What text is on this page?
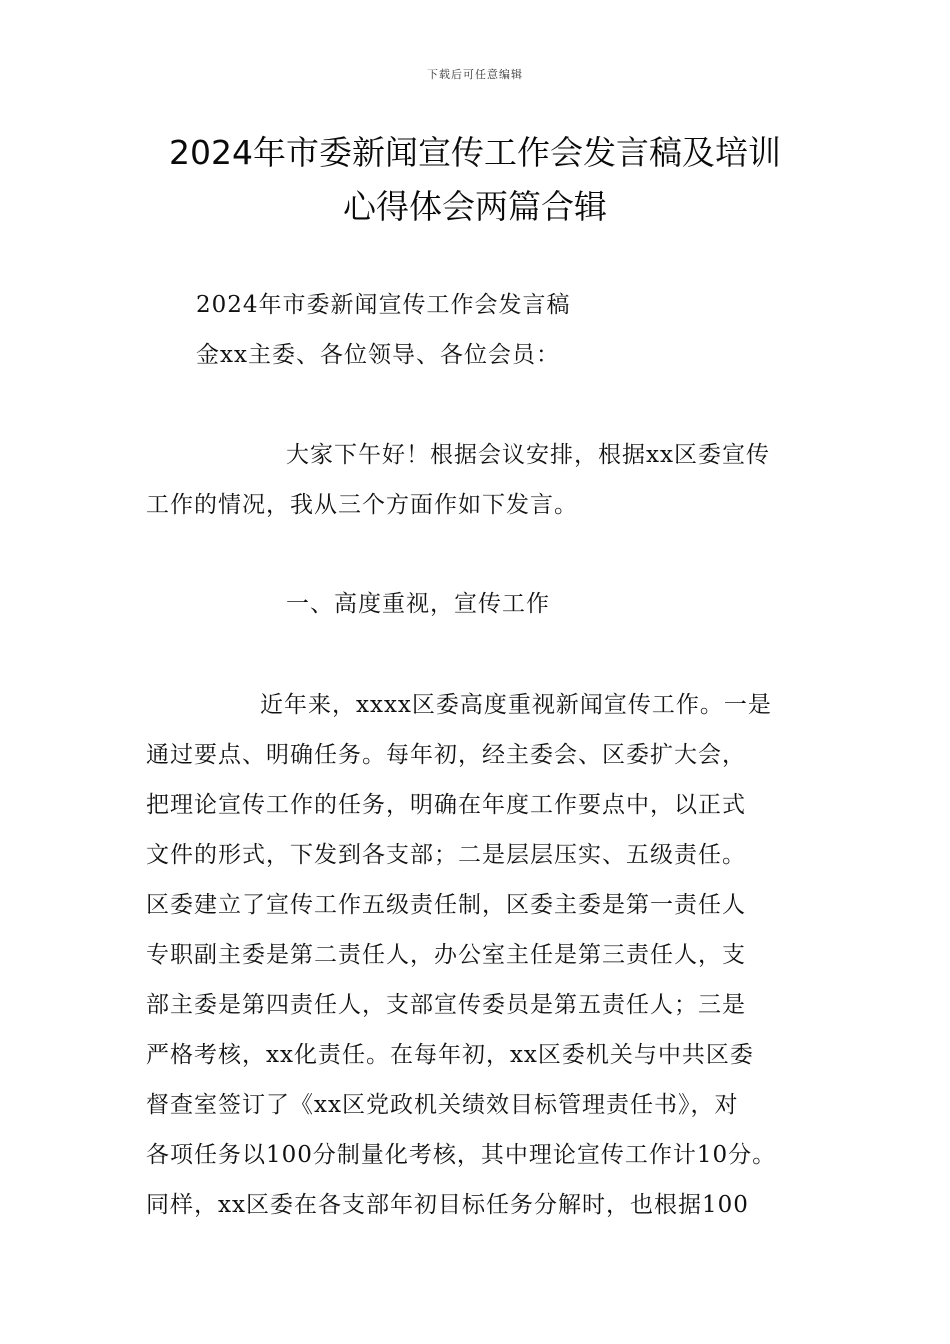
下载后可任意编辑
2024年市委新闻宣传工作会发言稿及培训
心得体会两篇合辑

2024年市委新闻宣传工作会发言稿

金xx主委、各位领导、各位会员：

大家下午好！根据会议安排，根据xx区委宣传

工作的情况，我从三个方面作如下发言。

一、高度重视，宣传工作

近年来，xxxx区委高度重视新闻宣传工作。一是
通过要点、明确任务。每年初，经主委会、区委扩大会，
把理论宣传工作的任务，明确在年度工作要点中，以正式
文件的形式，下发到各支部；二是层层压实、五级责任。
区委建立了宣传工作五级责任制，区委主委是第一责任人
专职副主委是第二责任人，办公室主任是第三责任人，支
部主委是第四责任人，支部宣传委员是第五责任人；三是
严格考核，xx化责任。在每年初，xx区委机关与中共区委
督查室签订了《xx区党政机关绩效目标管理责任书》，对
各项任务以100分制量化考核，其中理论宣传工作计10分。
同样，xx区委在各支部年初目标任务分解时，也根据100
